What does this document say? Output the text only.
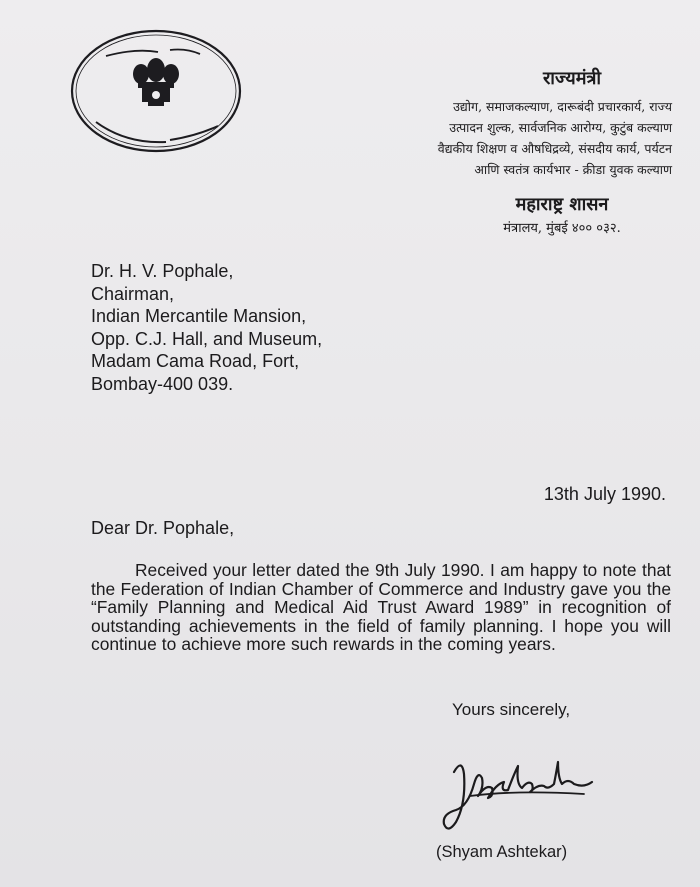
राज्यमंत्री
उद्योग, समाजकल्याण, दारूबंदी प्रचारकार्य, राज्य
उत्पादन शुल्क, सार्वजनिक आरोग्य, कुटुंब कल्याण
वैद्यकीय शिक्षण व औषधिद्रव्ये, संसदीय कार्य, पर्यटन
आणि स्वतंत्र कार्यभार - क्रीडा युवक कल्याण
महाराष्ट्र शासन
मंत्रालय, मुंबई ४०० ०३२.
Dr. H. V. Pophale,
Chairman,
Indian Mercantile Mansion,
Opp. C.J. Hall, and Museum,
Madam Cama Road, Fort,
Bombay-400 039.
13th July 1990.
Dear Dr. Pophale,
Received your letter dated the 9th July 1990. I am happy to note that the Federation of Indian Chamber of Commerce and Industry gave you the “Family Planning and Medical Aid Trust Award 1989” in recognition of outstanding achievements in the field of family planning. I hope you will continue to achieve more such rewards in the coming years.
Yours sincerely,
(Shyam Ashtekar)
